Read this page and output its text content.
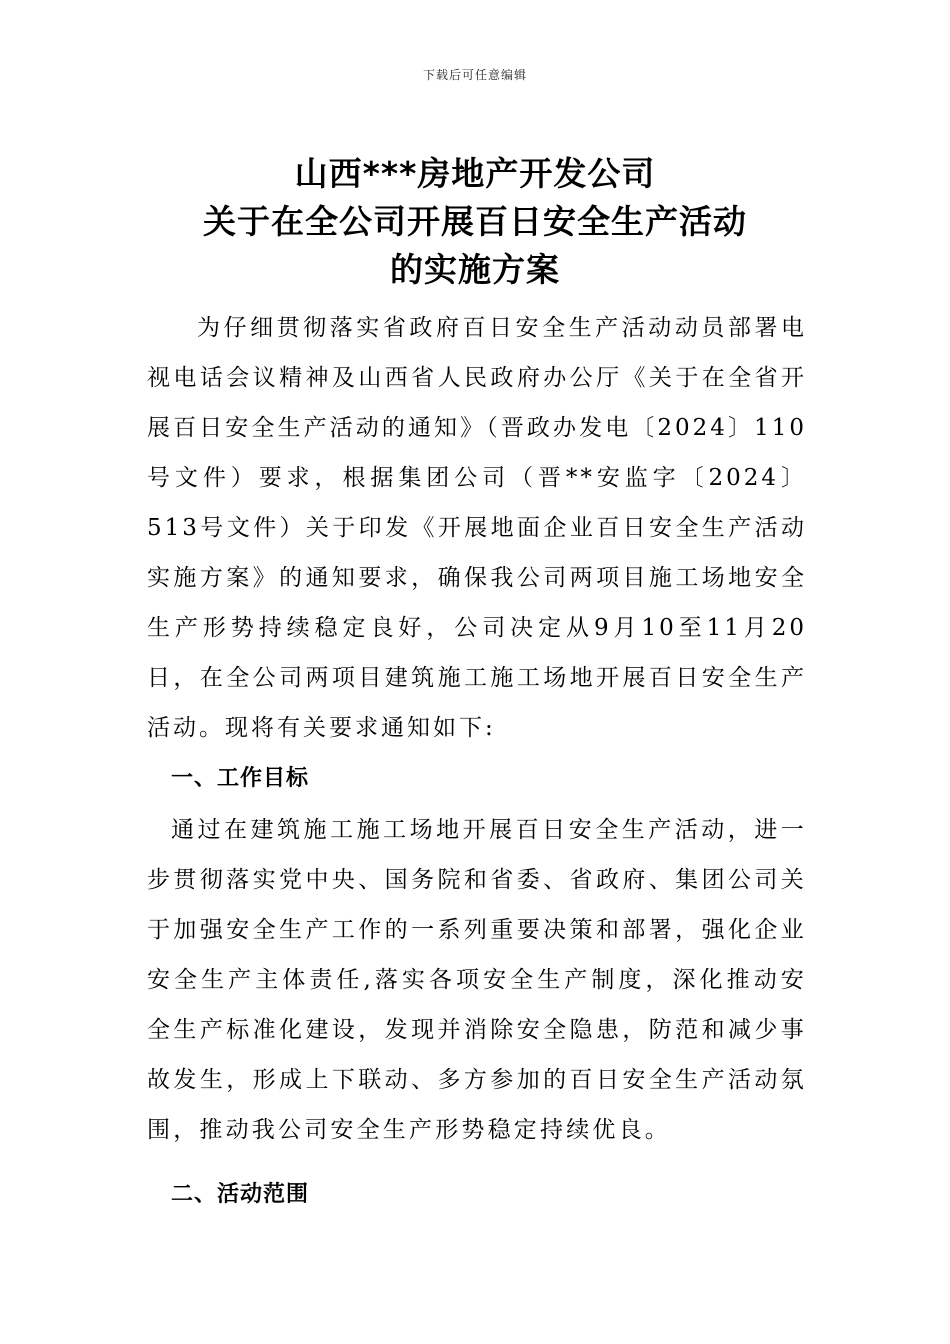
下载后可任意编辑
山西***房地产开发公司
关于在全公司开展百日安全生产活动
的实施方案

为仔细贯彻落实省政府百日安全生产活动动员部署电视电话会议精神及山西省人民政府办公厅《关于在全省开展百日安全生产活动的通知》（晋政办发电〔2024〕110号文件）要求，根据集团公司（晋**安监字〔2024〕513号文件）关于印发《开展地面企业百日安全生产活动实施方案》的通知要求，确保我公司两项目施工场地安全生产形势持续稳定良好，公司决定从9月10至11月20日，在全公司两项目建筑施工施工场地开展百日安全生产活动。现将有关要求通知如下:

一、工作目标

通过在建筑施工施工场地开展百日安全生产活动，进一步贯彻落实党中央、国务院和省委、省政府、集团公司关于加强安全生产工作的一系列重要决策和部署，强化企业安全生产主体责任,落实各项安全生产制度，深化推动安全生产标准化建设，发现并消除安全隐患，防范和减少事故发生，形成上下联动、多方参加的百日安全生产活动氛围，推动我公司安全生产形势稳定持续优良。

二、活动范围
